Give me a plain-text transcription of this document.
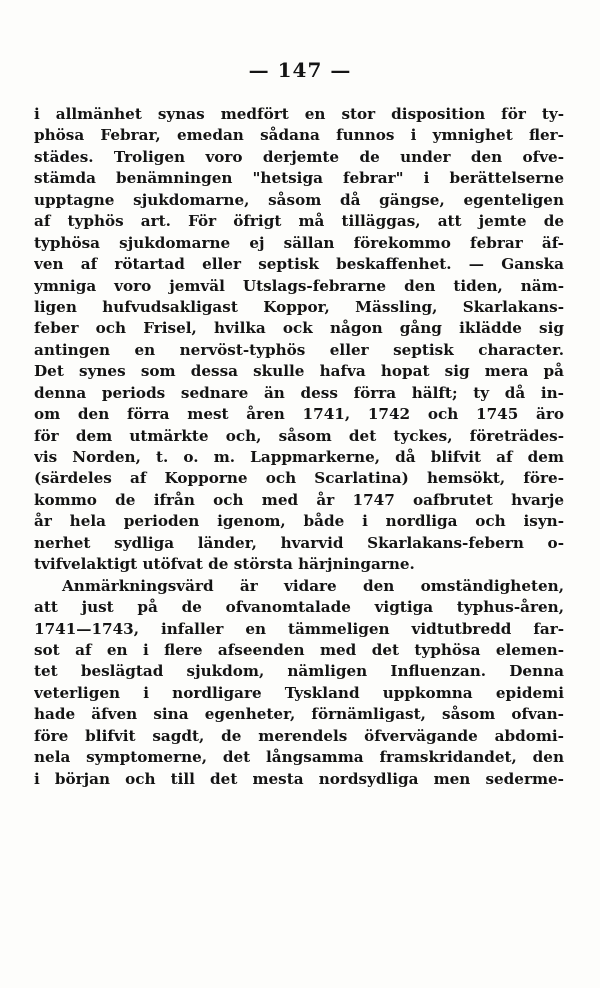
— 147 —
i allmänhet synas medfört en stor disposition för ty-
phösa Febrar, emedan sådana funnos i ymnighet fler-
städes. Troligen voro derjemte de under den ofve-
stämda benämningen "hetsiga febrar" i berättelserne
upptagne sjukdomarne, såsom då gängse, egenteligen
af typhös art. För öfrigt må tilläggas, att jemte de
typhösa sjukdomarne ej sällan förekommo febrar äf-
ven af rötartad eller septisk beskaffenhet. — Ganska
ymniga voro jemväl Utslags-febrarne den tiden, näm-
ligen hufvudsakligast Koppor, Mässling, Skarlakans-
feber och Frisel, hvilka ock någon gång iklädde sig
antingen en nervöst-typhös eller septisk character.
Det synes som dessa skulle hafva hopat sig mera på
denna periods sednare än dess förra hälft; ty då in-
om den förra mest åren 1741, 1742 och 1745 äro
för dem utmärkte och, såsom det tyckes, företrädes-
vis Norden, t. o. m. Lappmarkerne, då blifvit af dem
(särdeles af Kopporne och Scarlatina) hemsökt, före-
kommo de ifrån och med år 1747 oafbrutet hvarje
år hela perioden igenom, både i nordliga och isyn-
nerhet sydliga länder, hvarvid Skarlakans-febern o-
tvifvelaktigt utöfvat de största härjningarne.
Anmärkningsvärd är vidare den omständigheten,
att just på de ofvanomtalade vigtiga typhus-åren,
1741—1743, infaller en tämmeligen vidtutbredd far-
sot af en i flere afseenden med det typhösa elemen-
tet beslägtad sjukdom, nämligen Influenzan. Denna
veterligen i nordligare Tyskland uppkomna epidemi
hade äfven sina egenheter, förnämligast, såsom ofvan-
före blifvit sagdt, de merendels öfvervägande abdomi-
nela symptomerne, det långsamma framskridandet, den
i början och till det mesta nordsydliga men sederme-
